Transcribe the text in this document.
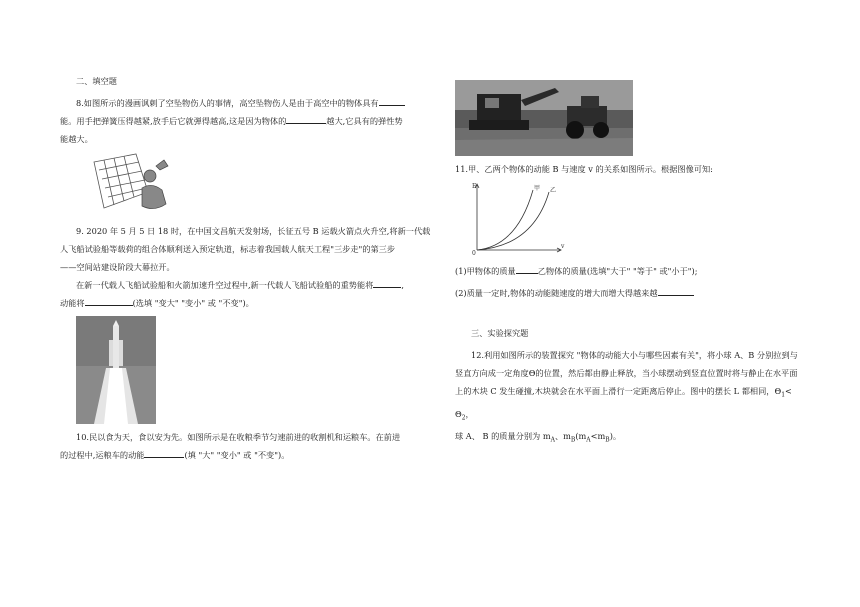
二、填空题

8.如图所示的漫画讽刺了空坠物伤人的事情，高空坠物伤人是由于高空中的物体具有

能。用手把弹簧压得越紧,放手后它就弹得越高,这是因为物体的	越大,它具有的弹性势

能越大。

9. 2020 年 5 月 5 日 18 时，在中国文昌航天发射场，长征五号 B 运载火箭点火升空,将新一代载

人飞船试验船等载荷的组合体顺利送入预定轨道，标志着我国载人航天工程"三步走"的第三步

——空间站建设阶段大幕拉开。

在新一代载人飞船试验船和火箭加速升空过程中,新一代载人飞船试验船的重势能将	,

动能将	(选填 "变大" "变小" 或 "不变")。

10.民以食为天，食以安为先。如图所示是在收粮季节匀速前进的收割机和运粮车。在前进

的过程中,运粮车的动能	(填 "大" "变小" 或 "不变")。

11.甲、乙两个物体的动能 B 与速度 v 的关系如图所示。根据图像可知:

E
v
0
甲 乙

(1)甲物体的质量	乙物体的质量(选填"大于" "等于" 或"小于");

(2)质量一定时,物体的动能随速度的增大而增大得越来越

三、实验探究题

12.利用如图所示的装置探究 "物体的动能大小与哪些因素有关"，将小球 A、B 分别拉到与

竖直方向成一定角度Θ的位置，然后都由静止释放，当小球摆动到竖直位置时将与静止在水平面

上的木块 C 发生碰撞,木块就会在水平面上滑行一定距离后停止。图中的摆长 L 都相同，$\Theta_1< \Theta_2$，

球 A、 B 的质量分别为 $m_A$、$m_B(m_A<m_B)$。
